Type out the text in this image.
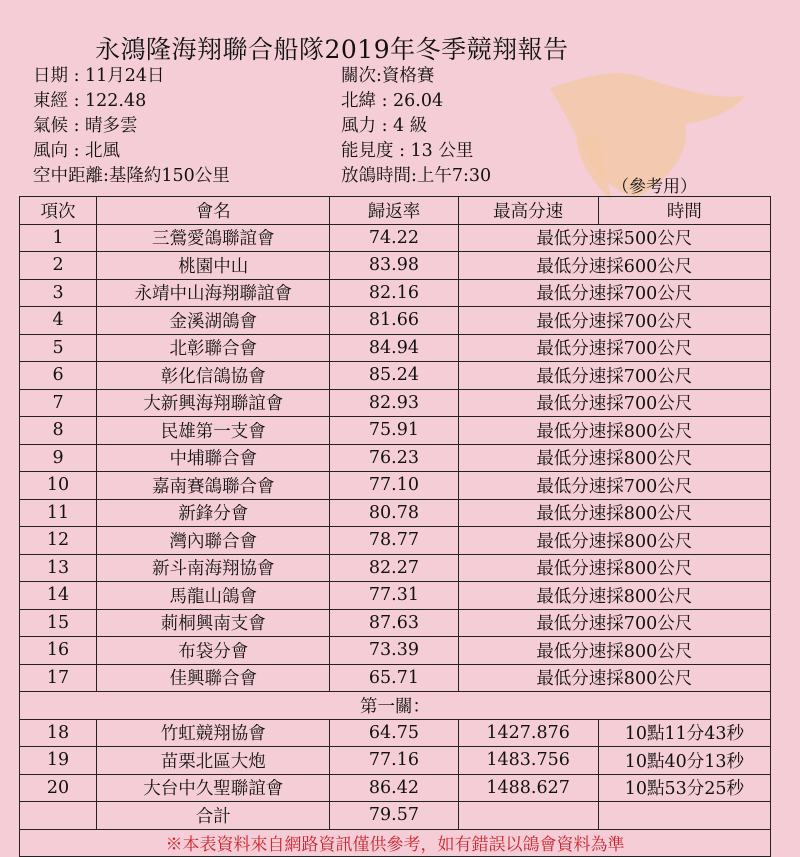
永鴻隆海翔聯合船隊2019年冬季競翔報告
日期 : 11月24日
東經 : 122.48
氣候 : 晴多雲
風向 : 北風
空中距離:基隆約150公里
關次:資格賽
北緯 : 26.04
風力 : 4 級
能見度 : 13 公里
放鴿時間:上午7:30
（參考用）
項次	會名	歸返率	最高分速	時間
1	三鶯愛鴿聯誼會	74.22	最低分速採500公尺	
2	桃園中山	83.98	最低分速採600公尺	
3	永靖中山海翔聯誼會	82.16	最低分速採700公尺	
4	金溪湖鴿會	81.66	最低分速採700公尺	
5	北彰聯合會	84.94	最低分速採700公尺	
6	彰化信鴿協會	85.24	最低分速採700公尺	
7	大新興海翔聯誼會	82.93	最低分速採700公尺	
8	民雄第一支會	75.91	最低分速採800公尺	
9	中埔聯合會	76.23	最低分速採800公尺	
10	嘉南賽鴿聯合會	77.10	最低分速採700公尺	
11	新鋒分會	80.78	最低分速採800公尺	
12	灣內聯合會	78.77	最低分速採800公尺	
13	新斗南海翔協會	82.27	最低分速採800公尺	
14	馬龍山鴿會	77.31	最低分速採800公尺	
15	莿桐興南支會	87.63	最低分速採700公尺	
16	布袋分會	73.39	最低分速採800公尺	
17	佳興聯合會	65.71	最低分速採800公尺	
第一關：				
18	竹虹競翔協會	64.75	1427.876	10點11分43秒
19	苗栗北區大炮	77.16	1483.756	10點40分13秒
20	大台中久聖聯誼會	86.42	1488.627	10點53分25秒
	合計	79.57		
※本表資料來自網路資訊僅供參考，如有錯誤以鴿會資料為準				
